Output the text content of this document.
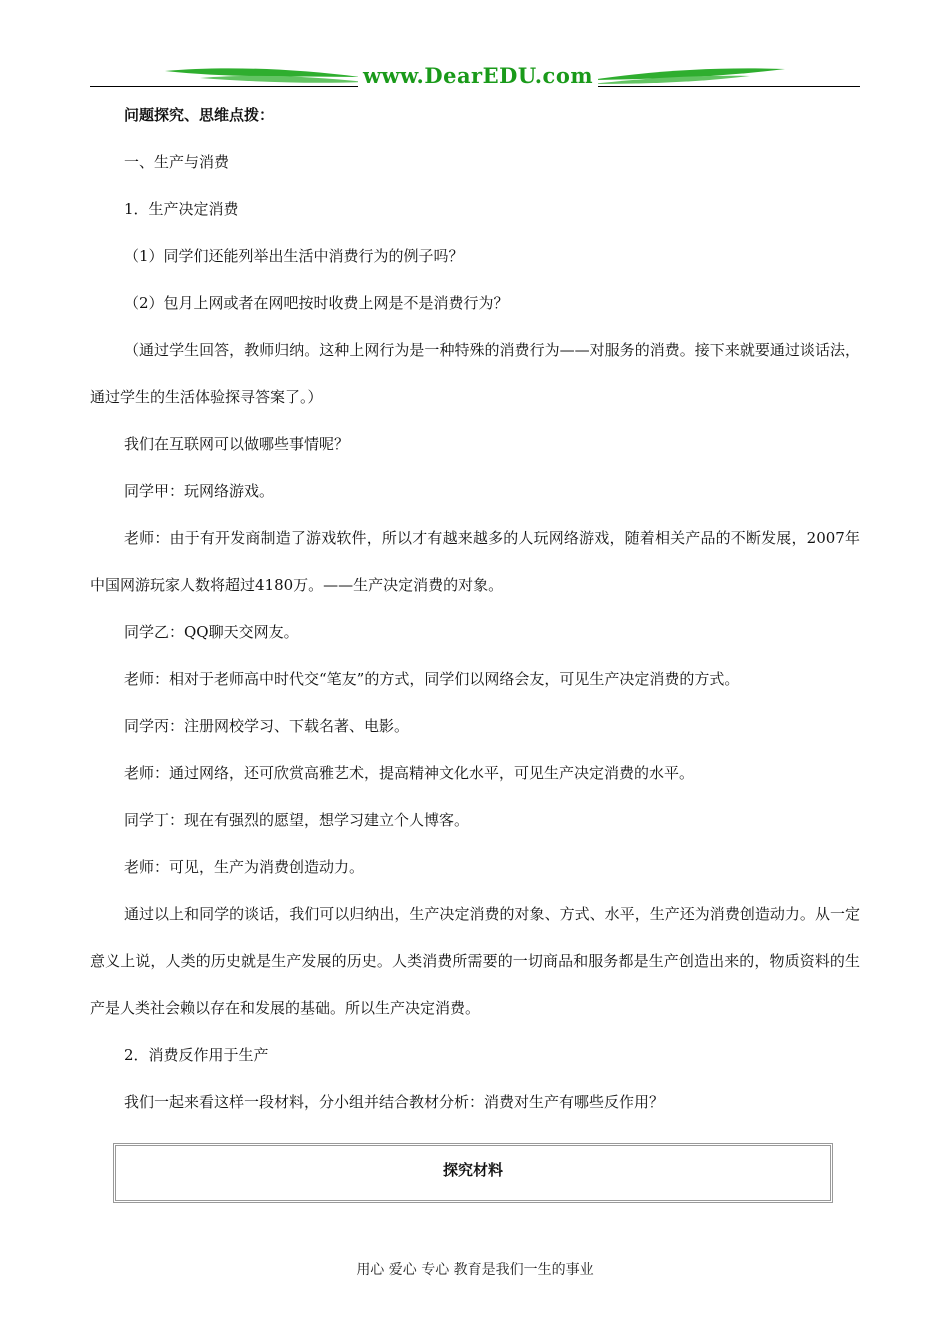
www.DearEDU.com

问题探究、思维点拨：

一、生产与消费

1．生产决定消费

（1）同学们还能列举出生活中消费行为的例子吗？

（2）包月上网或者在网吧按时收费上网是不是消费行为？

（通过学生回答，教师归纳。这种上网行为是一种特殊的消费行为——对服务的消费。接下来就要通过谈话法，通过学生的生活体验探寻答案了。）

我们在互联网可以做哪些事情呢？

同学甲：玩网络游戏。

老师：由于有开发商制造了游戏软件，所以才有越来越多的人玩网络游戏，随着相关产品的不断发展，2007年中国网游玩家人数将超过4180万。——生产决定消费的对象。

同学乙：QQ聊天交网友。

老师：相对于老师高中时代交“笔友”的方式，同学们以网络会友，可见生产决定消费的方式。

同学丙：注册网校学习、下载名著、电影。

老师：通过网络，还可欣赏高雅艺术，提高精神文化水平，可见生产决定消费的水平。

同学丁：现在有强烈的愿望，想学习建立个人博客。

老师：可见，生产为消费创造动力。

通过以上和同学的谈话，我们可以归纳出，生产决定消费的对象、方式、水平，生产还为消费创造动力。从一定意义上说，人类的历史就是生产发展的历史。人类消费所需要的一切商品和服务都是生产创造出来的，物质资料的生产是人类社会赖以存在和发展的基础。所以生产决定消费。

2．消费反作用于生产

我们一起来看这样一段材料，分小组并结合教材分析：消费对生产有哪些反作用？

探究材料
用心 爱心 专心 教育是我们一生的事业
